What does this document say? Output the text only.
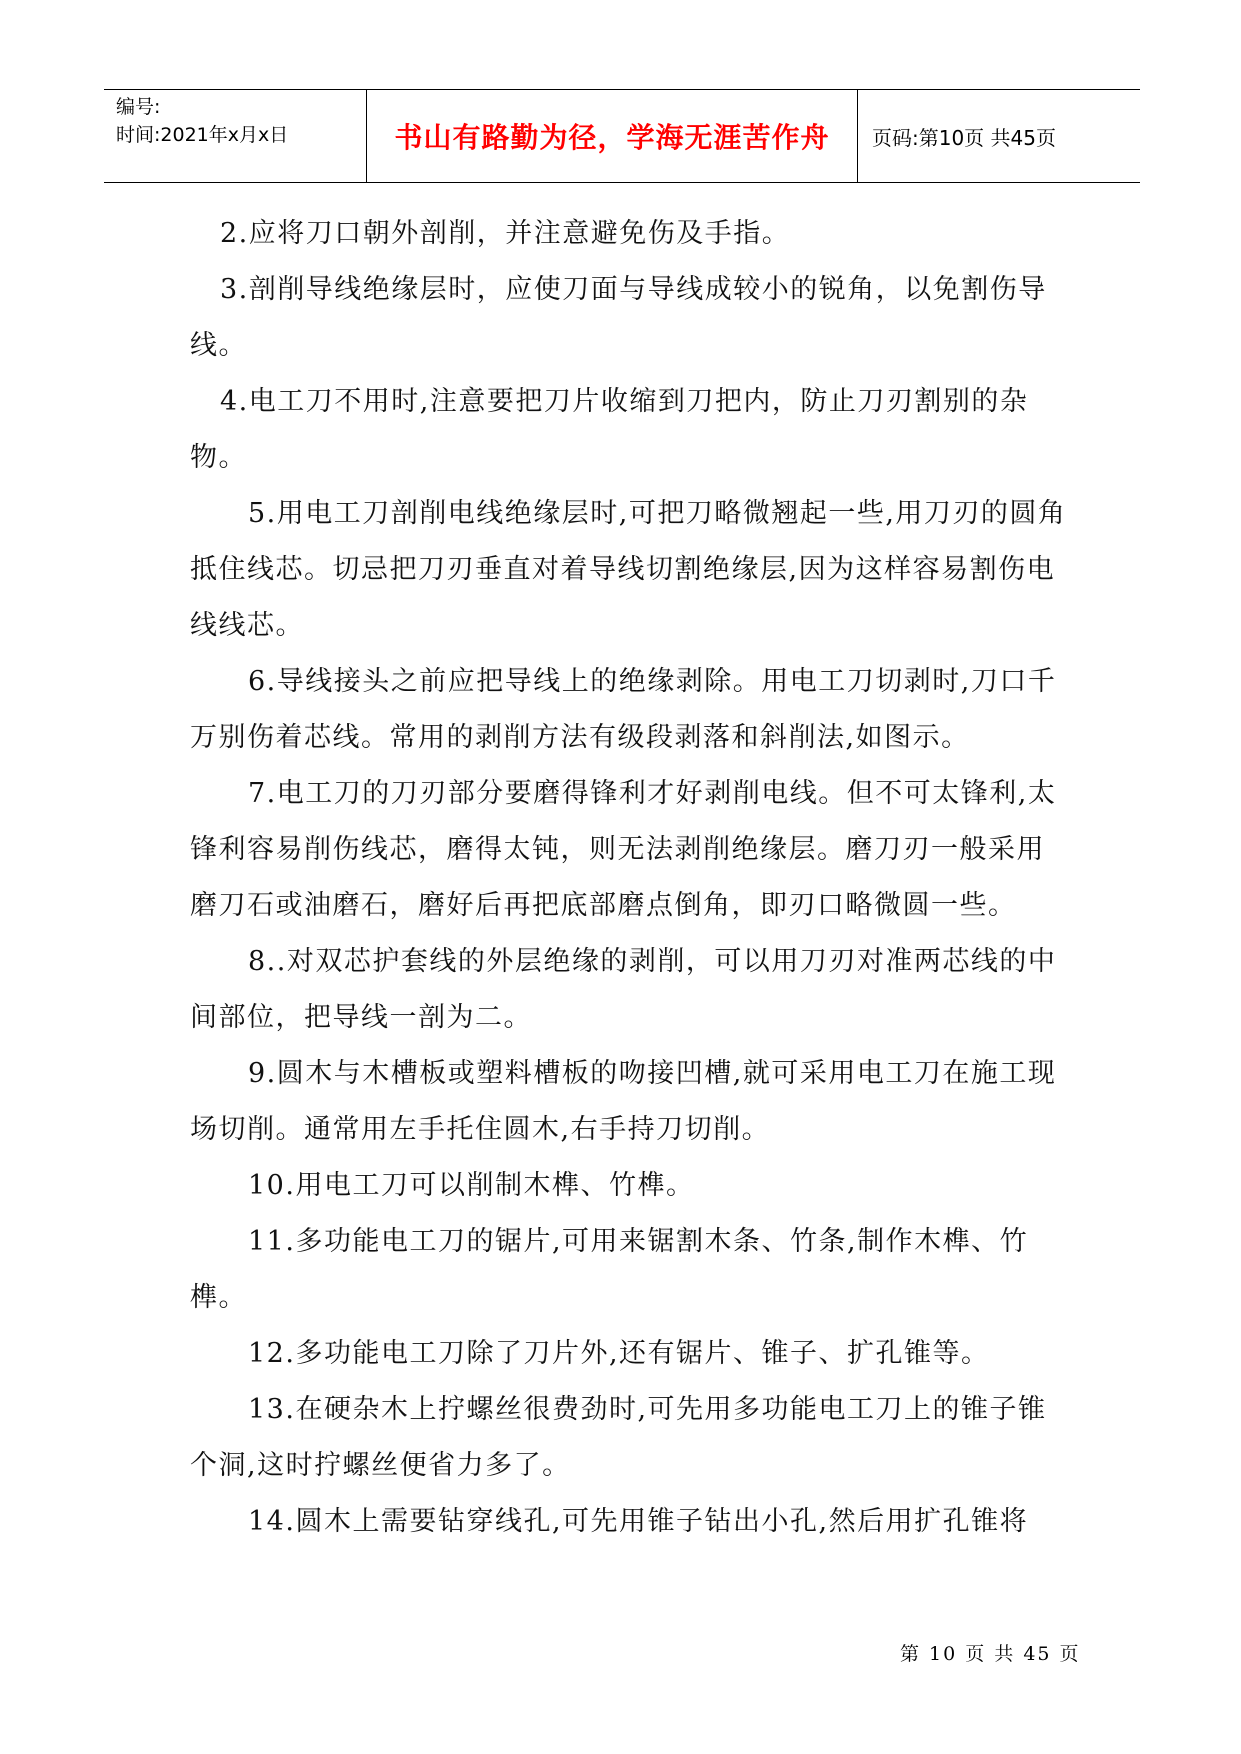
编号:
时间:2021年x月x日	书山有路勤为径，学海无涯苦作舟 页码:第10页 共45页

2.应将刀口朝外剖削，并注意避免伤及手指。

3.剖削导线绝缘层时，应使刀面与导线成较小的锐角，以免割伤导线。

4.电工刀不用时,注意要把刀片收缩到刀把内，防止刀刃割别的杂物。

5.用电工刀剖削电线绝缘层时,可把刀略微翘起一些,用刀刃的圆角抵住线芯。切忌把刀刃垂直对着导线切割绝缘层,因为这样容易割伤电线线芯。

6.导线接头之前应把导线上的绝缘剥除。用电工刀切剥时,刀口千万别伤着芯线。常用的剥削方法有级段剥落和斜削法,如图示。

7.电工刀的刀刃部分要磨得锋利才好剥削电线。但不可太锋利,太锋利容易削伤线芯，磨得太钝，则无法剥削绝缘层。磨刀刃一般采用磨刀石或油磨石，磨好后再把底部磨点倒角，即刃口略微圆一些。

8..对双芯护套线的外层绝缘的剥削，可以用刀刃对准两芯线的中间部位，把导线一剖为二。

9.圆木与木槽板或塑料槽板的吻接凹槽,就可采用电工刀在施工现场切削。通常用左手托住圆木,右手持刀切削。

10.用电工刀可以削制木榫、竹榫。

11.多功能电工刀的锯片,可用来锯割木条、竹条,制作木榫、竹榫。

12.多功能电工刀除了刀片外,还有锯片、锥子、扩孔锥等。

13.在硬杂木上拧螺丝很费劲时,可先用多功能电工刀上的锥子锥个洞,这时拧螺丝便省力多了。

14.圆木上需要钻穿线孔,可先用锥子钻出小孔,然后用扩孔锥将

第 10 页 共 45 页
